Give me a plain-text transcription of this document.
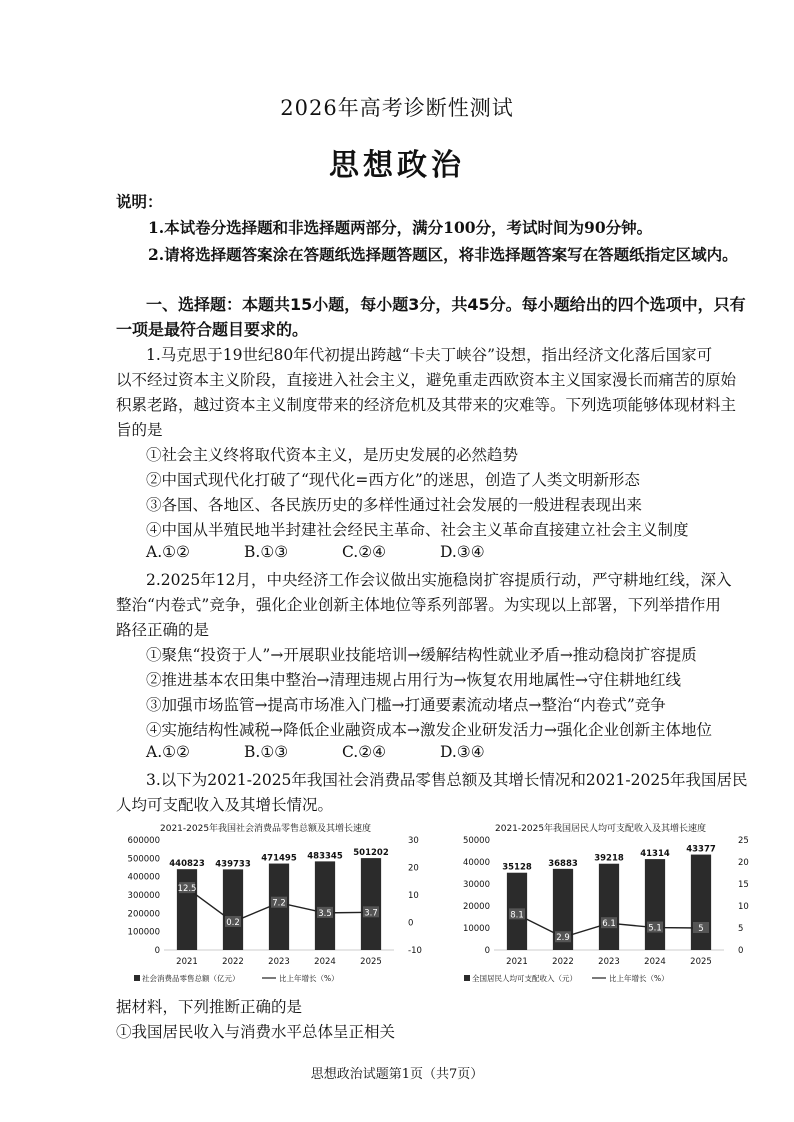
2026年高考诊断性测试
思想政治
说明：
1.本试卷分选择题和非选择题两部分，满分100分，考试时间为90分钟。
2.请将选择题答案涂在答题纸选择题答题区，将非选择题答案写在答题纸指定区域内。
一、选择题：本题共15小题，每小题3分，共45分。每小题给出的四个选项中，只有
一项是最符合题目要求的。
1.马克思于19世纪80年代初提出跨越“卡夫丁峡谷”设想，指出经济文化落后国家可
以不经过资本主义阶段，直接进入社会主义，避免重走西欧资本主义国家漫长而痛苦的原始
积累老路，越过资本主义制度带来的经济危机及其带来的灾难等。下列选项能够体现材料主
旨的是
①社会主义终将取代资本主义，是历史发展的必然趋势
②中国式现代化打破了“现代化=西方化”的迷思，创造了人类文明新形态
③各国、各地区、各民族历史的多样性通过社会发展的一般进程表现出来
④中国从半殖民地半封建社会经民主革命、社会主义革命直接建立社会主义制度
A.①②	B.①③	C.②④	D.③④
2.2025年12月，中央经济工作会议做出实施稳岗扩容提质行动，严守耕地红线，深入
整治“内卷式”竞争，强化企业创新主体地位等系列部署。为实现以上部署，下列举措作用
路径正确的是
①聚焦“投资于人”→开展职业技能培训→缓解结构性就业矛盾→推动稳岗扩容提质
②推进基本农田集中整治→清理违规占用行为→恢复农用地属性→守住耕地红线
③加强市场监管→提高市场准入门槛→打通要素流动堵点→整治“内卷式”竞争
④实施结构性减税→降低企业融资成本→激发企业研发活力→强化企业创新主体地位
A.①②	B.①③	C.②④	D.③④
3.以下为2021-2025年我国社会消费品零售总额及其增长情况和2021-2025年我国居民
人均可支配收入及其增长情况。
2021-2025年我国社会消费品零售总额及其增长速度
0
100000
200000
300000
400000
500000
600000
-10
0
10
20
30
440823
2021
439733
2022
471495
2023
483345
2024
501202
2025
12.5
0.2
7.2
3.5	3.7
社会消费品零售总额（亿元）	比上年增长（%）
2021-2025年我国居民人均可支配收入及其增长速度
0
10000
20000
30000
40000
50000
0
5
10
15
20
25
35128
2021
36883
2022
39218
2023
41314
2024
43377
2025
8.1
2.9
6.1	5.1	5
全国居民人均可支配收入（元）	比上年增长（%）
据材料，下列推断正确的是
①我国居民收入与消费水平总体呈正相关
思想政治试题第1页（共7页）
